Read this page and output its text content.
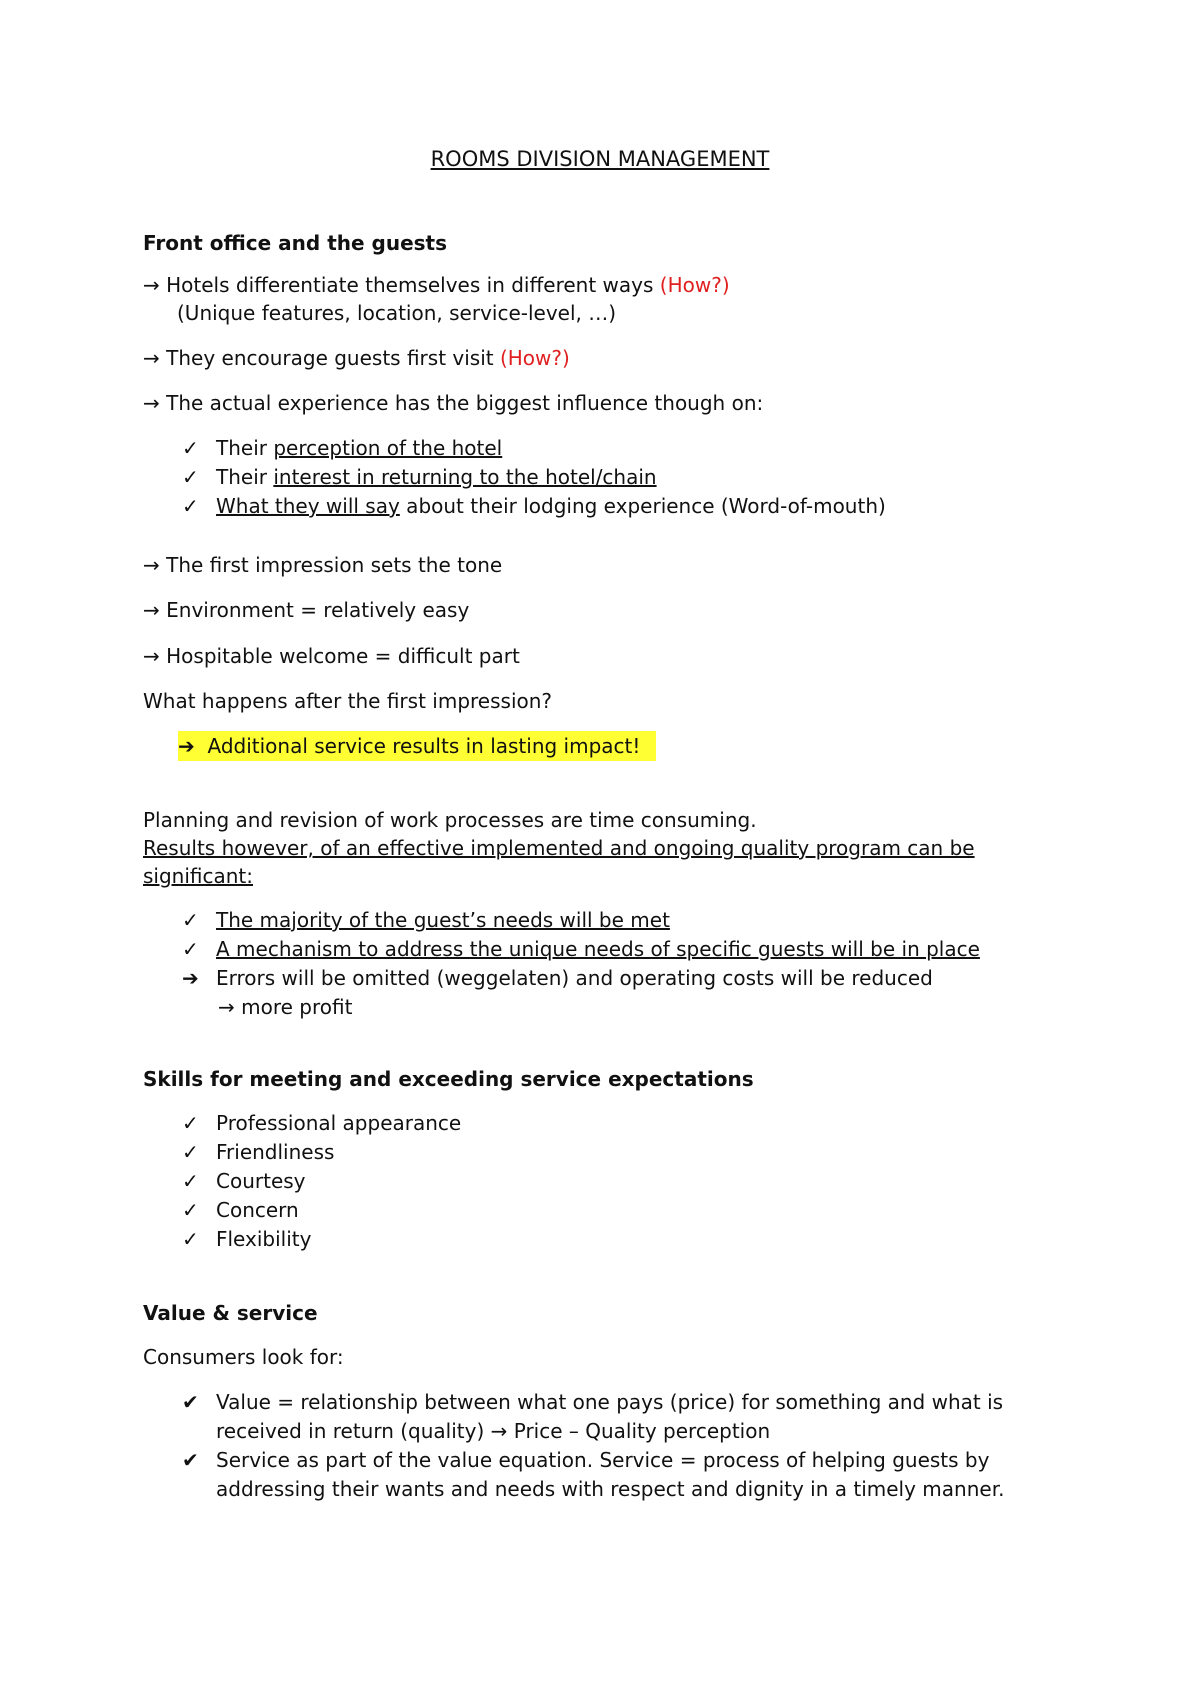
ROOMS DIVISION MANAGEMENT
Front office and the guests
→ Hotels differentiate themselves in different ways (How?)
(Unique features, location, service-level, …)
→ They encourage guests first visit (How?)
→ The actual experience has the biggest influence though on:
✓ Their perception of the hotel
✓ Their interest in returning to the hotel/chain
✓ What they will say about their lodging experience (Word-of-mouth)
→ The first impression sets the tone
→ Environment = relatively easy
→ Hospitable welcome = difficult part
What happens after the first impression?
➔ Additional service results in lasting impact!
Planning and revision of work processes are time consuming.
Results however, of an effective implemented and ongoing quality program can be
significant:
✓ The majority of the guest’s needs will be met
✓ A mechanism to address the unique needs of specific guests will be in place
➔ Errors will be omitted (weggelaten) and operating costs will be reduced
→ more profit
Skills for meeting and exceeding service expectations
✓ Professional appearance
✓ Friendliness
✓ Courtesy
✓ Concern
✓ Flexibility
Value & service
Consumers look for:
✔ Value = relationship between what one pays (price) for something and what is
received in return (quality) → Price – Quality perception
✔ Service as part of the value equation. Service = process of helping guests by
addressing their wants and needs with respect and dignity in a timely manner.
